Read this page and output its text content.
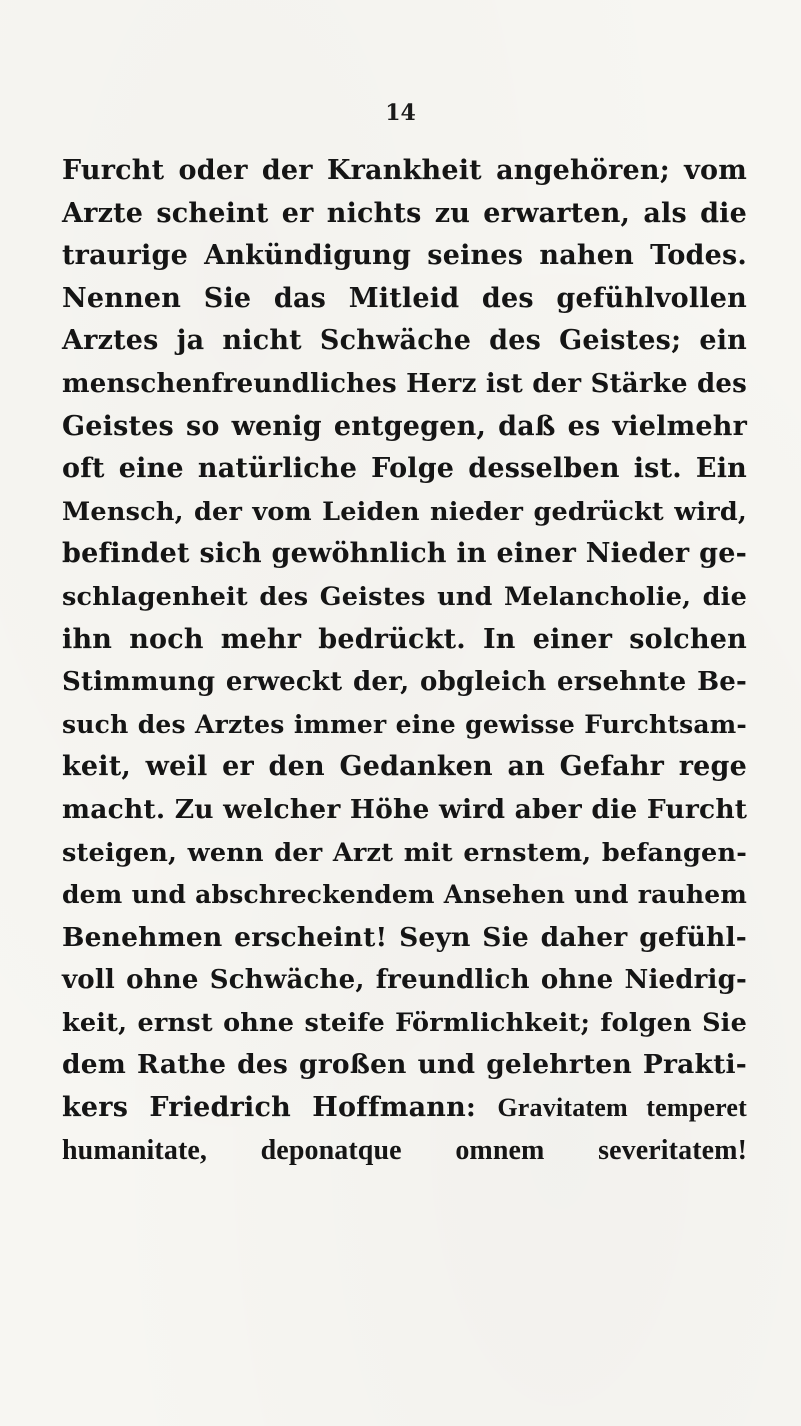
14
Furcht oder der Krankheit angehören; vom
Arzte scheint er nichts zu erwarten, als die
traurige Ankündigung seines nahen Todes.
Nennen Sie das Mitleid des gefühlvollen
Arztes ja nicht Schwäche des Geistes; ein
menschenfreundliches Herz ist der Stärke des
Geistes so wenig entgegen, daß es vielmehr
oft eine natürliche Folge desselben ist. Ein
Mensch, der vom Leiden nieder gedrückt wird,
befindet sich gewöhnlich in einer Nieder ge-
schlagenheit des Geistes und Melancholie, die
ihn noch mehr bedrückt. In einer solchen
Stimmung erweckt der, obgleich ersehnte Be-
such des Arztes immer eine gewisse Furchtsam-
keit, weil er den Gedanken an Gefahr rege
macht. Zu welcher Höhe wird aber die Furcht
steigen, wenn der Arzt mit ernstem, befangen-
dem und abschreckendem Ansehen und rauhem
Benehmen erscheint! Seyn Sie daher gefühl-
voll ohne Schwäche, freundlich ohne Niedrig-
keit, ernst ohne steife Förmlichkeit; folgen Sie
dem Rathe des großen und gelehrten Prakti-
kers Friedrich Hoffmann: Gravitatem temperet
humanitate, deponatque omnem severitatem!
